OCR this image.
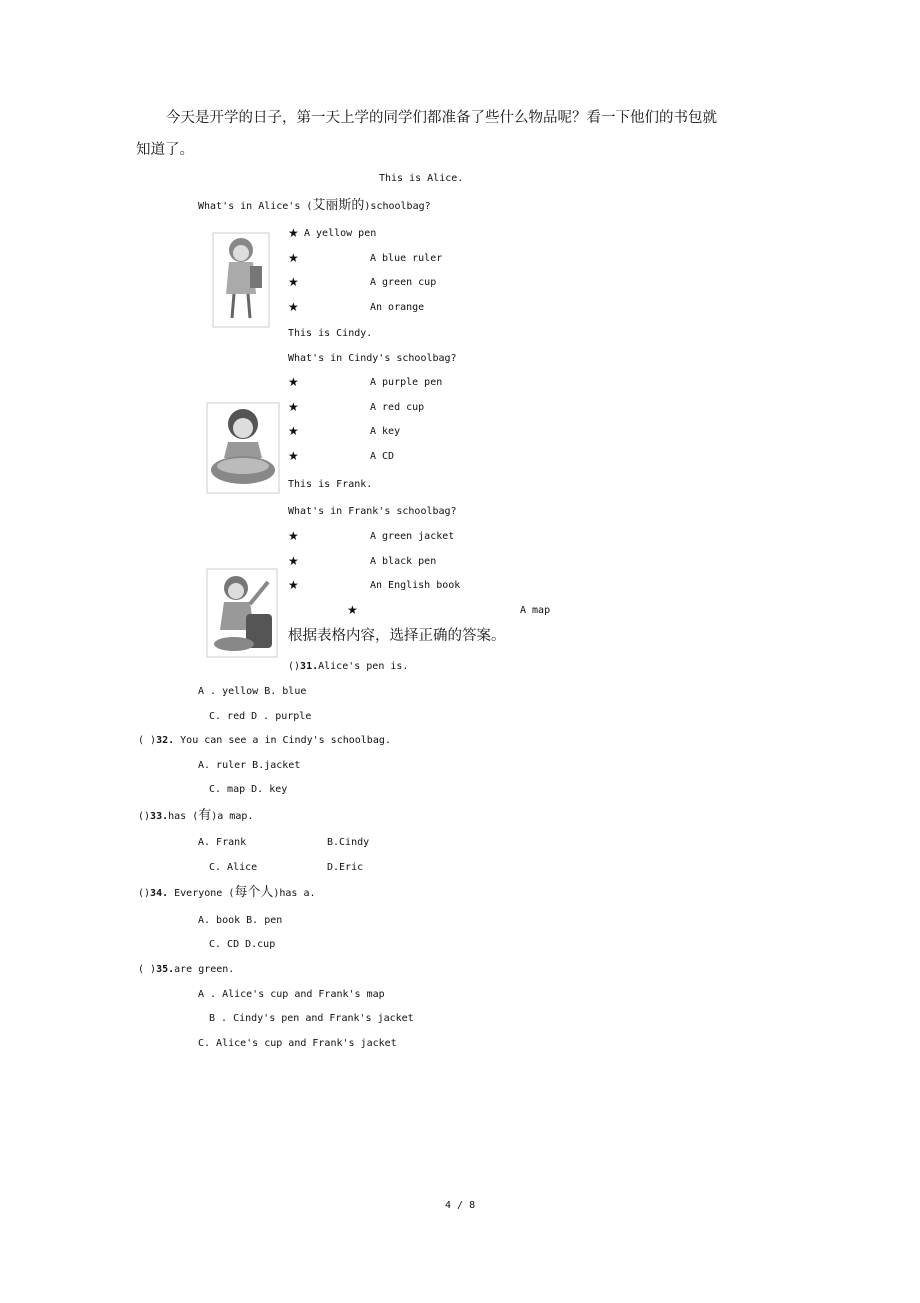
今天是开学的日子，第一天上学的同学们都准备了些什么物品呢？看一下他们的书包就
知道了。
This is Alice.
What's in Alice's (艾丽斯的)schoolbag?
★ A yellow pen
★	A blue ruler
★	A green cup
★	An orange
This is Cindy.
What's in Cindy's schoolbag?
★	A purple pen
★	A red cup
★	A key
★	A CD
This is Frank.
What's in Frank's schoolbag?
★	A green jacket
★	A black pen
★	An English book
★	A map
根据表格内容，选择正确的答案。
()31.Alice's pen is.
A . yellow B. blue
C. red D . purple
( )32. You can see a in Cindy's schoolbag.
A. ruler B.jacket
C. map D. key
()33.has (有)a map.
A. Frank	B.Cindy
C. Alice	D.Eric
()34. Everyone (每个人)has a.
A. book B. pen
C. CD D.cup
( )35.are green.
A . Alice's cup and Frank's map
B . Cindy's pen and Frank's jacket
C. Alice's cup and Frank's jacket
4 / 8
